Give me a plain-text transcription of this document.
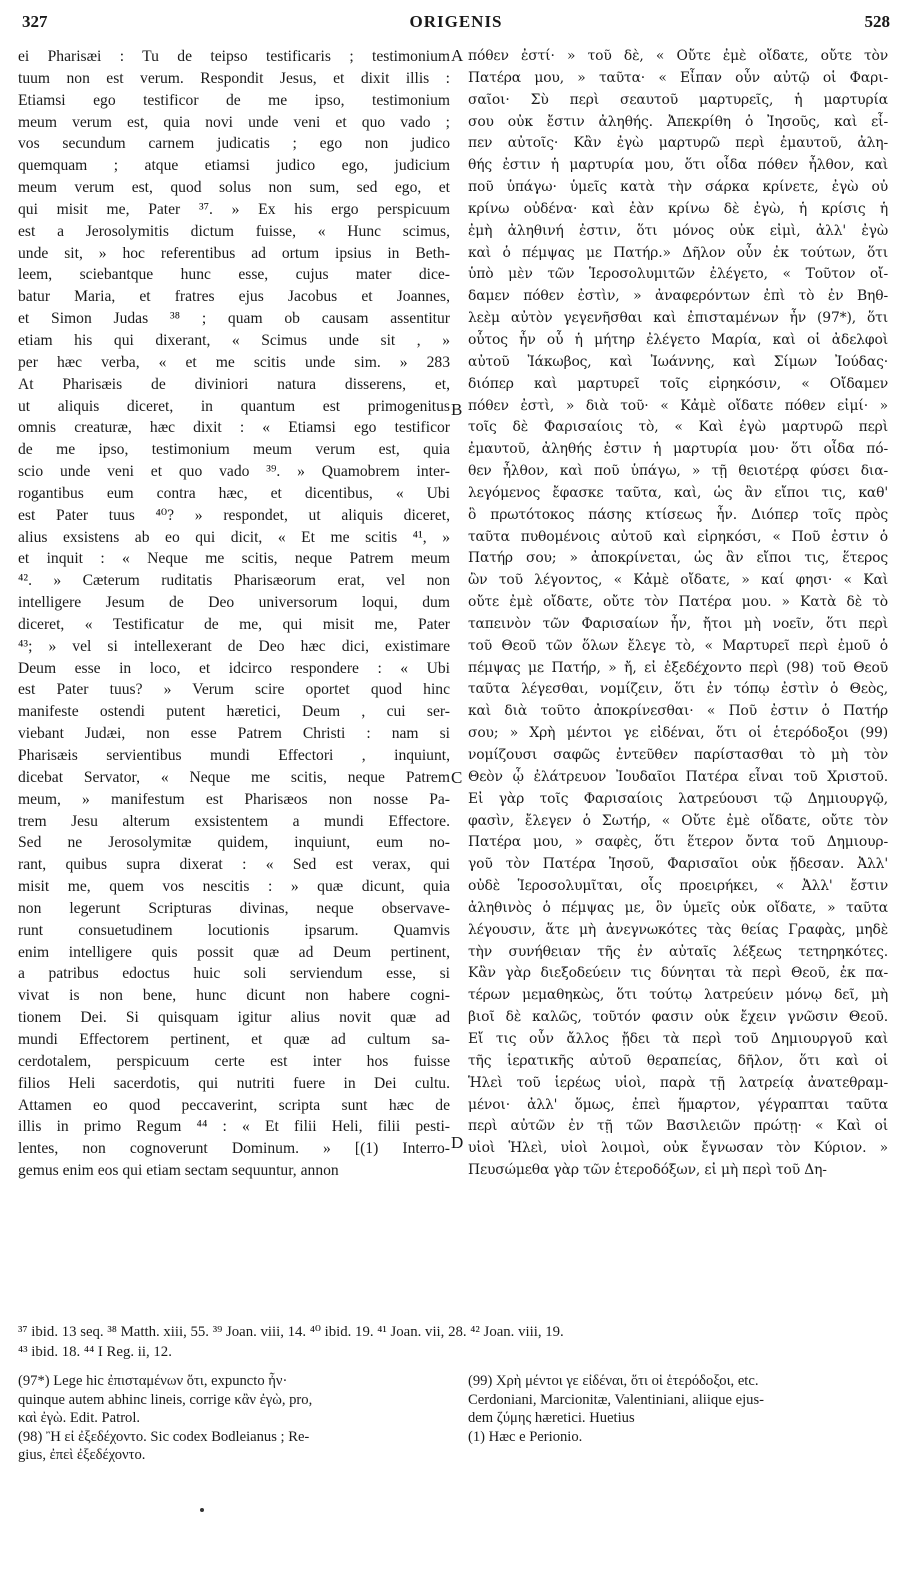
327	ORIGENIS	528
ei Pharisæi : Tu de teipso testificaris ; testimonium
tuum non est verum. Respondit Jesus, et dixit illis :
Etiamsi ego testificor de me ipso, testimonium
meum verum est, quia novi unde veni et quo vado ;
vos secundum carnem judicatis ; ego non judico
quemquam ; atque etiamsi judico ego, judicium
meum verum est, quod solus non sum, sed ego, et
qui misit me, Pater ³⁷. » Ex his ergo perspicuum
est a Jerosolymitis dictum fuisse, « Hunc scimus,
unde sit, » hoc referentibus ad ortum ipsius in Beth-
leem, sciebantque hunc esse, cujus mater dice-
batur Maria, et fratres ejus Jacobus et Joannes,
et Simon Judas ³⁸ ; quam ob causam assentitur
etiam his qui dixerant, « Scimus unde sit , »
per hæc verba, « et me scitis unde sim. » 283
At Pharisæis de diviniori natura disserens, et,
ut aliquis diceret, in quantum est primogenitus
omnis creaturæ, hæc dixit : « Etiamsi ego testificor
de me ipso, testimonium meum verum est, quia
scio unde veni et quo vado ³⁹. » Quamobrem inter-
rogantibus eum contra hæc, et dicentibus, « Ubi
est Pater tuus ⁴⁰? » respondet, ut aliquis diceret,
alius exsistens ab eo qui dicit, « Et me scitis ⁴¹, »
et inquit : « Neque me scitis, neque Patrem meum
⁴². » Cæterum ruditatis Pharisæorum erat, vel non
intelligere Jesum de Deo universorum loqui, dum
diceret, « Testificatur de me, qui misit me, Pater
⁴³; » vel si intellexerant de Deo hæc dici, existimare
Deum esse in loco, et idcirco respondere : « Ubi
est Pater tuus? » Verum scire oportet quod hinc
manifeste ostendi putent hæretici, Deum , cui ser-
viebant Judæi, non esse Patrem Christi : nam si
Pharisæis servientibus mundi Effectori , inquiunt,
dicebat Servator, « Neque me scitis, neque Patrem
meum, » manifestum est Pharisæos non nosse Pa-
trem Jesu alterum exsistentem a mundi Effectore.
Sed ne Jerosolymitæ quidem, inquiunt, eum no-
rant, quibus supra dixerat : « Sed est verax, qui
misit me, quem vos nescitis : » quæ dicunt, quia
non legerunt Scripturas divinas, neque observave-
runt consuetudinem locutionis ipsarum. Quamvis
enim intelligere quis possit quæ ad Deum pertinent,
a patribus edoctus huic soli serviendum esse, si
vivat is non bene, hunc dicunt non habere cogni-
tionem Dei. Si quisquam igitur alius novit quæ ad
mundi Effectorem pertinent, et quæ ad cultum sa-
cerdotalem, perspicuum certe est inter hos fuisse
filios Heli sacerdotis, qui nutriti fuere in Dei cultu.
Attamen eo quod peccaverint, scripta sunt hæc de
illis in primo Regum ⁴⁴ : « Et filii Heli, filii pesti-
lentes, non cognoverunt Dominum. » [(1) Interro-
gemus enim eos qui etiam sectam sequuntur, annon
πόθεν ἐστί· » τοῦ δὲ, « Οὔτε ἐμὲ οἴδατε, οὔτε τὸν
Πατέρα μου, » ταῦτα· « Εἶπαν οὖν αὐτῷ οἱ Φαρι-
σαῖοι· Σὺ περὶ σεαυτοῦ μαρτυρεῖς, ἡ μαρτυρία
σου οὐκ ἔστιν ἀληθής. Ἀπεκρίθη ὁ Ἰησοῦς, καὶ εἶ-
πεν αὐτοῖς· Κἂν ἐγὼ μαρτυρῶ περὶ ἐμαυτοῦ, ἀλη-
θής ἐστιν ἡ μαρτυρία μου, ὅτι οἶδα πόθεν ἦλθον, καὶ
ποῦ ὑπάγω· ὑμεῖς κατὰ τὴν σάρκα κρίνετε, ἐγὼ οὐ
κρίνω οὐδένα· καὶ ἐὰν κρίνω δὲ ἐγὼ, ἡ κρίσις ἡ
ἐμὴ ἀληθινή ἐστιν, ὅτι μόνος οὐκ εἰμὶ, ἀλλ' ἐγὼ
καὶ ὁ πέμψας με Πατήρ.» Δῆλον οὖν ἐκ τούτων, ὅτι
ὑπὸ μὲν τῶν Ἱεροσολυμιτῶν ἐλέγετο, « Τοῦτον οἴ-
δαμεν πόθεν ἐστὶν, » ἀναφερόντων ἐπὶ τὸ ἐν Βηθ-
λεὲμ αὐτὸν γεγενῆσθαι καὶ ἐπισταμένων ἦν (97*), ὅτι
οὗτος ἦν οὗ ἡ μήτηρ ἐλέγετο Μαρία, καὶ οἱ ἀδελφοὶ
αὐτοῦ Ἰάκωβος, καὶ Ἰωάννης, καὶ Σίμων Ἰούδας·
διόπερ καὶ μαρτυρεῖ τοῖς εἰρηκόσιν, « Οἴδαμεν
πόθεν ἐστὶ, » διὰ τοῦ· « Κἀμὲ οἴδατε πόθεν εἰμί· »
τοῖς δὲ Φαρισαίοις τὸ, « Καὶ ἐγὼ μαρτυρῶ περὶ
ἐμαυτοῦ, ἀληθής ἐστιν ἡ μαρτυρία μου· ὅτι οἶδα πό-
θεν ἦλθον, καὶ ποῦ ὑπάγω, » τῇ θειοτέρᾳ φύσει δια-
λεγόμενος ἔφασκε ταῦτα, καὶ, ὡς ἂν εἴποι τις, καθ'
ὃ πρωτότοκος πάσης κτίσεως ἦν. Διόπερ τοῖς πρὸς
ταῦτα πυθομένοις αὐτοῦ καὶ εἰρηκόσι, « Ποῦ ἐστιν ὁ
Πατήρ σου; » ἀποκρίνεται, ὡς ἂν εἴποι τις, ἕτερος
ὢν τοῦ λέγοντος, « Κἀμὲ οἴδατε, » καί φησι· « Καὶ
οὔτε ἐμὲ οἴδατε, οὔτε τὸν Πατέρα μου. » Κατὰ δὲ τὸ
ταπεινὸν τῶν Φαρισαίων ἦν, ἤτοι μὴ νοεῖν, ὅτι περὶ
τοῦ Θεοῦ τῶν ὅλων ἔλεγε τὸ, « Μαρτυρεῖ περὶ ἐμοῦ ὁ
πέμψας με Πατήρ, » ἤ, εἰ ἐξεδέχοντο περὶ (98) τοῦ Θεοῦ
ταῦτα λέγεσθαι, νομίζειν, ὅτι ἐν τόπῳ ἐστὶν ὁ Θεὸς,
καὶ διὰ τοῦτο ἀποκρίνεσθαι· « Ποῦ ἐστιν ὁ Πατήρ
σου; » Χρὴ μέντοι γε εἰδέναι, ὅτι οἱ ἑτερόδοξοι (99)
νομίζουσι σαφῶς ἐντεῦθεν παρίστασθαι τὸ μὴ τὸν
Θεὸν ᾧ ἐλάτρευον Ἰουδαῖοι Πατέρα εἶναι τοῦ Χριστοῦ.
Εἰ γὰρ τοῖς Φαρισαίοις λατρεύουσι τῷ Δημιουργῷ,
φασὶν, ἔλεγεν ὁ Σωτήρ, « Οὔτε ἐμὲ οἴδατε, οὔτε τὸν
Πατέρα μου, » σαφὲς, ὅτι ἕτερον ὄντα τοῦ Δημιουρ-
γοῦ τὸν Πατέρα Ἰησοῦ, Φαρισαῖοι οὐκ ᾔδεσαν. Ἀλλ'
οὐδὲ Ἱεροσολυμῖται, οἷς προειρήκει, « Ἀλλ' ἔστιν
ἀληθινὸς ὁ πέμψας με, ὃν ὑμεῖς οὐκ οἴδατε, » ταῦτα
λέγουσιν, ἅτε μὴ ἀνεγνωκότες τὰς θείας Γραφὰς, μηδὲ
τὴν συνήθειαν τῆς ἐν αὐταῖς λέξεως τετηρηκότες.
Κἂν γὰρ διεξοδεύειν τις δύνηται τὰ περὶ Θεοῦ, ἐκ πα-
τέρων μεμαθηκὼς, ὅτι τούτῳ λατρεύειν μόνῳ δεῖ, μὴ
βιοῖ δὲ καλῶς, τοῦτόν φασιν οὐκ ἔχειν γνῶσιν Θεοῦ.
Εἴ τις οὖν ἄλλος ᾔδει τὰ περὶ τοῦ Δημιουργοῦ καὶ
τῆς ἱερατικῆς αὐτοῦ θεραπείας, δῆλον, ὅτι καὶ οἱ
Ἡλεὶ τοῦ ἱερέως υἱοὶ, παρὰ τῇ λατρείᾳ ἀνατεθραμ-
μένοι· ἀλλ' ὅμως, ἐπεὶ ἥμαρτον, γέγραπται ταῦτα
περὶ αὐτῶν ἐν τῇ τῶν Βασιλειῶν πρώτῃ· « Καὶ οἱ
υἱοὶ Ἡλεὶ, υἱοὶ λοιμοὶ, οὐκ ἔγνωσαν τὸν Κύριον. »
Πευσώμεθα γὰρ τῶν ἑτεροδόξων, εἰ μὴ περὶ τοῦ Δη-
A
B
C
D
³⁷ ibid. 13 seq. ³⁸ Matth. xiii, 55. ³⁹ Joan. viii, 14. ⁴⁰ ibid. 19. ⁴¹ Joan. vii, 28. ⁴² Joan. viii, 19.
⁴³ ibid. 18. ⁴⁴ I Reg. ii, 12.
(97*) Lege hic ἐπισταμένων ὅτι, expuncto ἦν·
quinque autem abhinc lineis, corrige κἂν ἐγὼ, pro,
καὶ ἐγὼ. Edit. Patrol.
(98) Ἢ εἰ ἐξεδέχοντο. Sic codex Bodleianus ; Re-
gius, ἐπεὶ ἐξεδέχοντο.
(99) Χρὴ μέντοι γε εἰδέναι, ὅτι οἱ ἑτερόδοξοι, etc.
Cerdoniani, Marcionitæ, Valentiniani, aliique ejus-
dem ζύμης hæretici. Huetius
(1) Hæc e Perionio.
